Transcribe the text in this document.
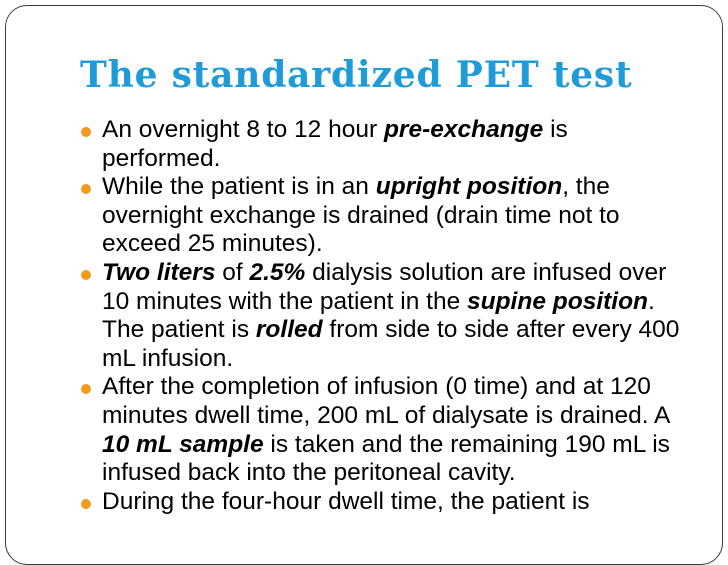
The standardized PET test

An overnight 8 to 12 hour pre-exchange is performed.

While the patient is in an upright position, the overnight exchange is drained (drain time not to exceed 25 minutes).

Two liters of 2.5% dialysis solution are infused over 10 minutes with the patient in the supine position. The patient is rolled from side to side after every 400 mL infusion.

After the completion of infusion (0 time) and at 120 minutes dwell time, 200 mL of dialysate is drained. A 10 mL sample is taken and the remaining 190 mL is infused back into the peritoneal cavity.

During the four-hour dwell time, the patient is
